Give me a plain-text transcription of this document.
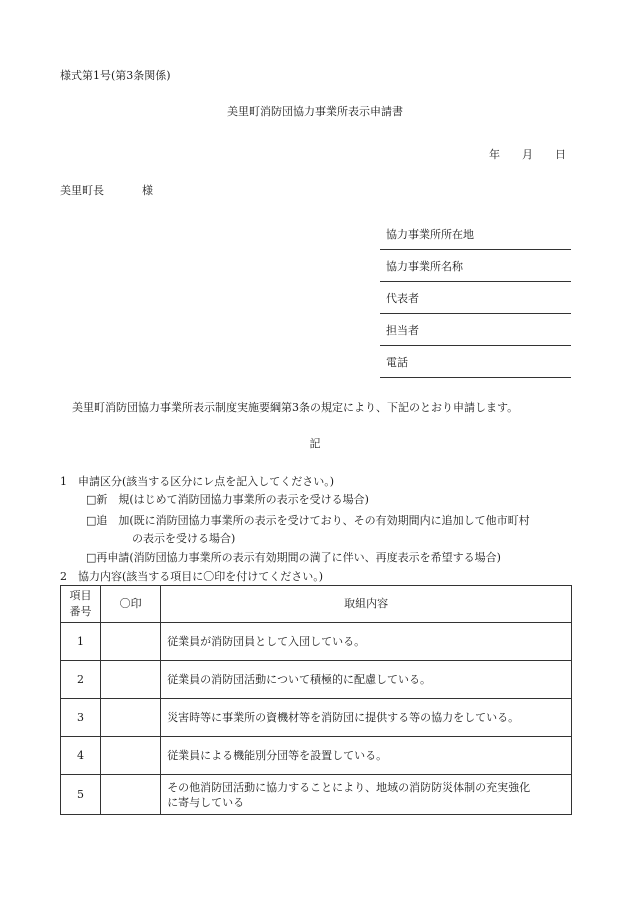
様式第1号(第3条関係)
美里町消防団協力事業所表示申請書
年 月 日
美里町長	様
協力事業所所在地
協力事業所名称
代表者
担当者
電話
美里町消防団協力事業所表示制度実施要綱第3条の規定により、下記のとおり申請します。
記
1　申請区分(該当する区分にレ点を記入してください。)
□新　規(はじめて消防団協力事業所の表示を受ける場合)
□追　加(既に消防団協力事業所の表示を受けており、その有効期間内に追加して他市町村
の表示を受ける場合)
□再申請(消防団協力事業所の表示有効期間の満了に伴い、再度表示を希望する場合)
2　協力内容(該当する項目に〇印を付けてください。)
項目
番号	〇印	取組内容
1		従業員が消防団員として入団している。
2		従業員の消防団活動について積極的に配慮している。
3		災害時等に事業所の資機材等を消防団に提供する等の協力をしている。
4		従業員による機能別分団等を設置している。
5		その他消防団活動に協力することにより、地域の消防防災体制の充実強化
に寄与している
